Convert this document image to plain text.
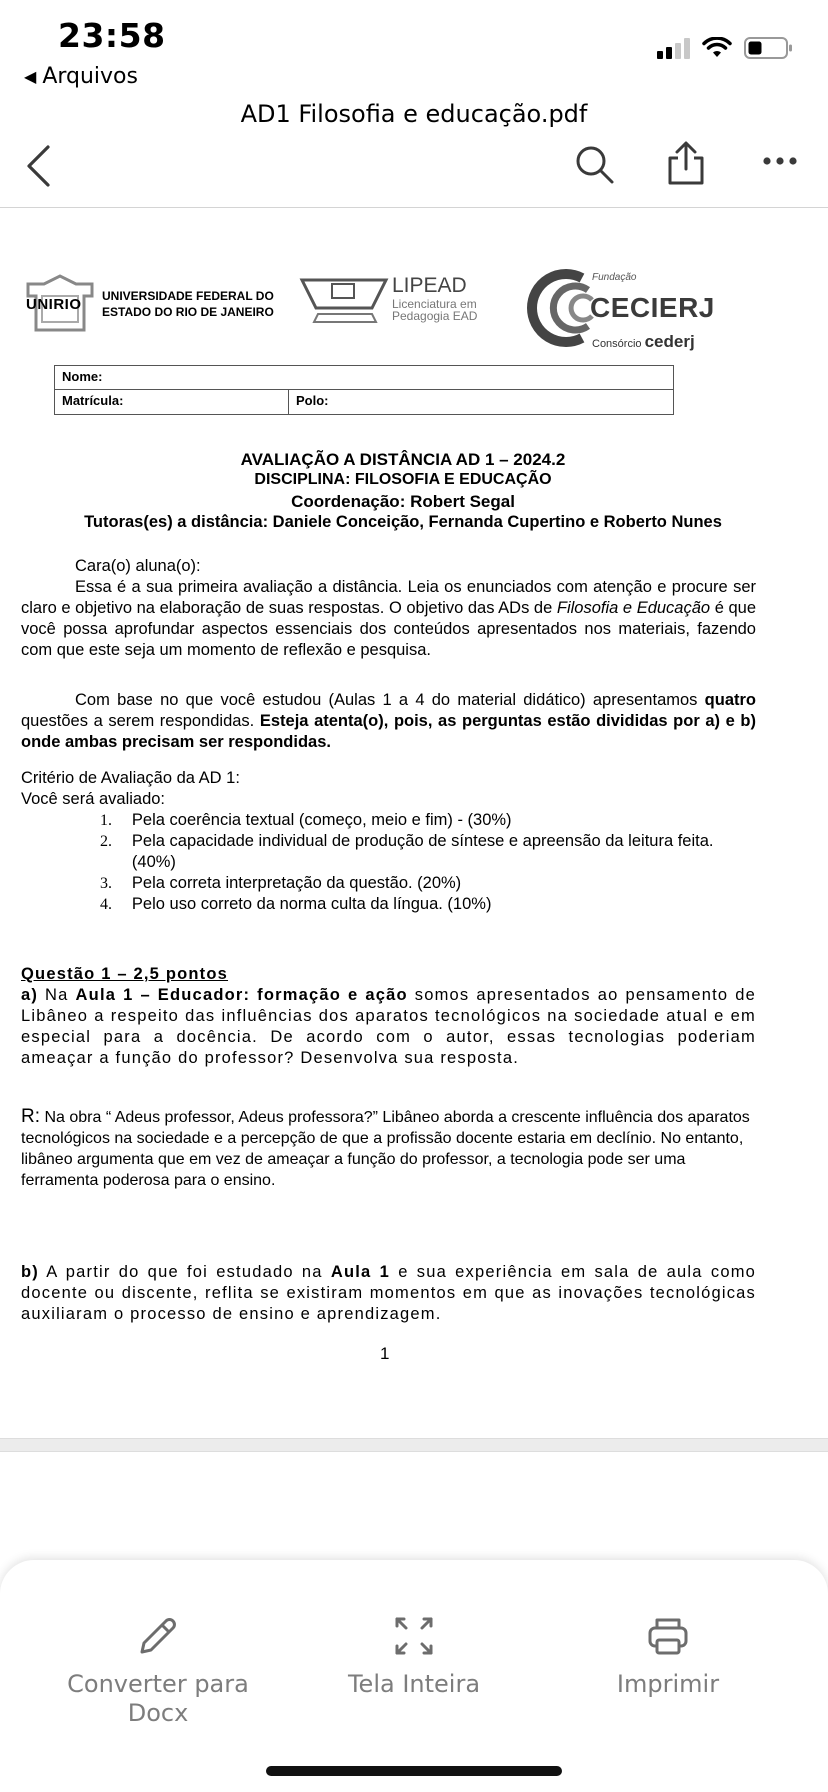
23:58
◀ Arquivos
AD1 Filosofia e educação.pdf
UNIRIO UNIVERSIDADE FEDERAL DO
ESTADO DO RIO DE JANEIRO
LIPEAD
Licenciatura em
Pedagogia EAD
Fundação
CECIERJ
Consórcio cederj
Nome:
Matrícula:	Polo:
AVALIAÇÃO A DISTÂNCIA AD 1 – 2024.2
DISCIPLINA: FILOSOFIA E EDUCAÇÃO
Coordenação: Robert Segal
Tutoras(es) a distância: Daniele Conceição, Fernanda Cupertino e Roberto Nunes
Cara(o) aluna(o):
Essa é a sua primeira avaliação a distância. Leia os enunciados com atenção e procure ser claro e objetivo na elaboração de suas respostas. O objetivo das ADs de Filosofia e Educação é que você possa aprofundar aspectos essenciais dos conteúdos apresentados nos materiais, fazendo com que este seja um momento de reflexão e pesquisa.
Com base no que você estudou (Aulas 1 a 4 do material didático) apresentamos quatro questões a serem respondidas. Esteja atenta(o), pois, as perguntas estão divididas por a) e b) onde ambas precisam ser respondidas.
Critério de Avaliação da AD 1:
Você será avaliado:
1.	Pela coerência textual (começo, meio e fim) - (30%)
2.	Pela capacidade individual de produção de síntese e apreensão da leitura feita. (40%)
3.	Pela correta interpretação da questão. (20%)
4.	Pelo uso correto da norma culta da língua. (10%)
Questão 1 – 2,5 pontos
a) Na Aula 1 – Educador: formação e ação somos apresentados ao pensamento de Libâneo a respeito das influências dos aparatos tecnológicos na sociedade atual e em especial para a docência. De acordo com o autor, essas tecnologias poderiam ameaçar a função do professor? Desenvolva sua resposta.
R: Na obra “ Adeus professor, Adeus professora?” Libâneo aborda a crescente influência dos aparatos tecnológicos na sociedade e a percepção de que a profissão docente estaria em declínio. No entanto, libâneo argumenta que em vez de ameaçar a função do professor, a tecnologia pode ser uma ferramenta poderosa para o ensino.
b) A partir do que foi estudado na Aula 1 e sua experiência em sala de aula como docente ou discente, reflita se existiram momentos em que as inovações tecnológicas auxiliaram o processo de ensino e aprendizagem.
1
Converter para Docx
Tela Inteira	Imprimir
